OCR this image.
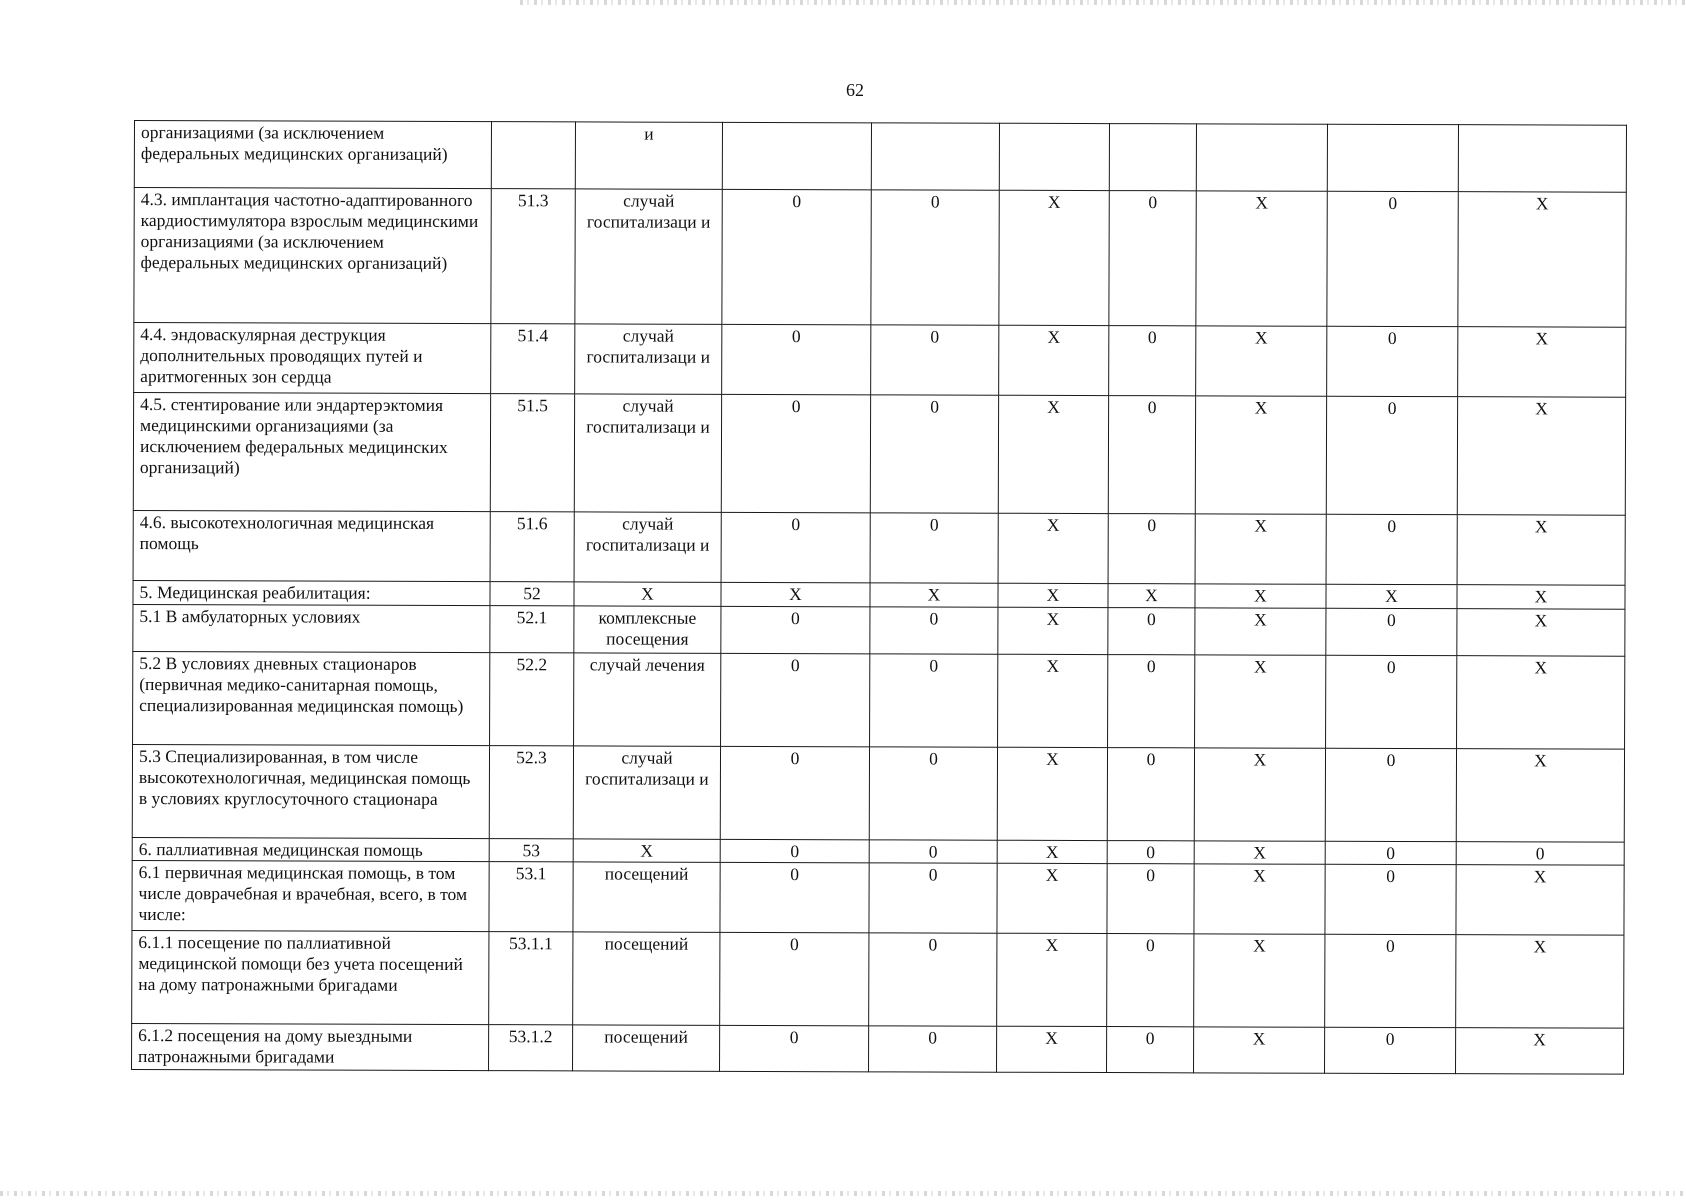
62
организациями (за исключением федеральных медицинских организаций)		и							
4.3. имплантация частотно-адаптированного кардиостимулятора взрослым медицинскими организациями (за исключением федеральных медицинских организаций)	51.3	случай госпитализаци и	0	0	Х	0	Х	0	Х
4.4. эндоваскулярная деструкция дополнительных проводящих путей и аритмогенных зон сердца	51.4	случай госпитализаци и	0	0	Х	0	Х	0	Х
4.5. стентирование или эндартерэктомия медицинскими организациями (за исключением федеральных медицинских организаций)	51.5	случай госпитализаци и	0	0	Х	0	Х	0	Х
4.6. высокотехнологичная медицинская помощь	51.6	случай госпитализаци и	0	0	Х	0	Х	0	Х
5. Медицинская реабилитация:	52	Х	Х	Х	Х	Х	Х	Х	Х
5.1 В амбулаторных условиях	52.1	комплексные посещения	0	0	Х	0	Х	0	Х
5.2 В условиях дневных стационаров (первичная медико-санитарная помощь, специализированная медицинская помощь)	52.2	случай лечения	0	0	Х	0	Х	0	Х
5.3 Специализированная, в том числе высокотехнологичная, медицинская помощь в условиях круглосуточного стационара	52.3	случай госпитализаци и	0	0	Х	0	Х	0	Х
6. паллиативная медицинская помощь	53	Х	0	0	Х	0	Х	0	0
6.1 первичная медицинская помощь, в том числе доврачебная и врачебная, всего, в том числе:	53.1	посещений	0	0	Х	0	Х	0	Х
6.1.1 посещение по паллиативной медицинской помощи без учета посещений на дому патронажными бригадами	53.1.1	посещений	0	0	Х	0	Х	0	Х
6.1.2 посещения на дому выездными патронажными бригадами	53.1.2	посещений	0	0	Х	0	Х	0	Х
